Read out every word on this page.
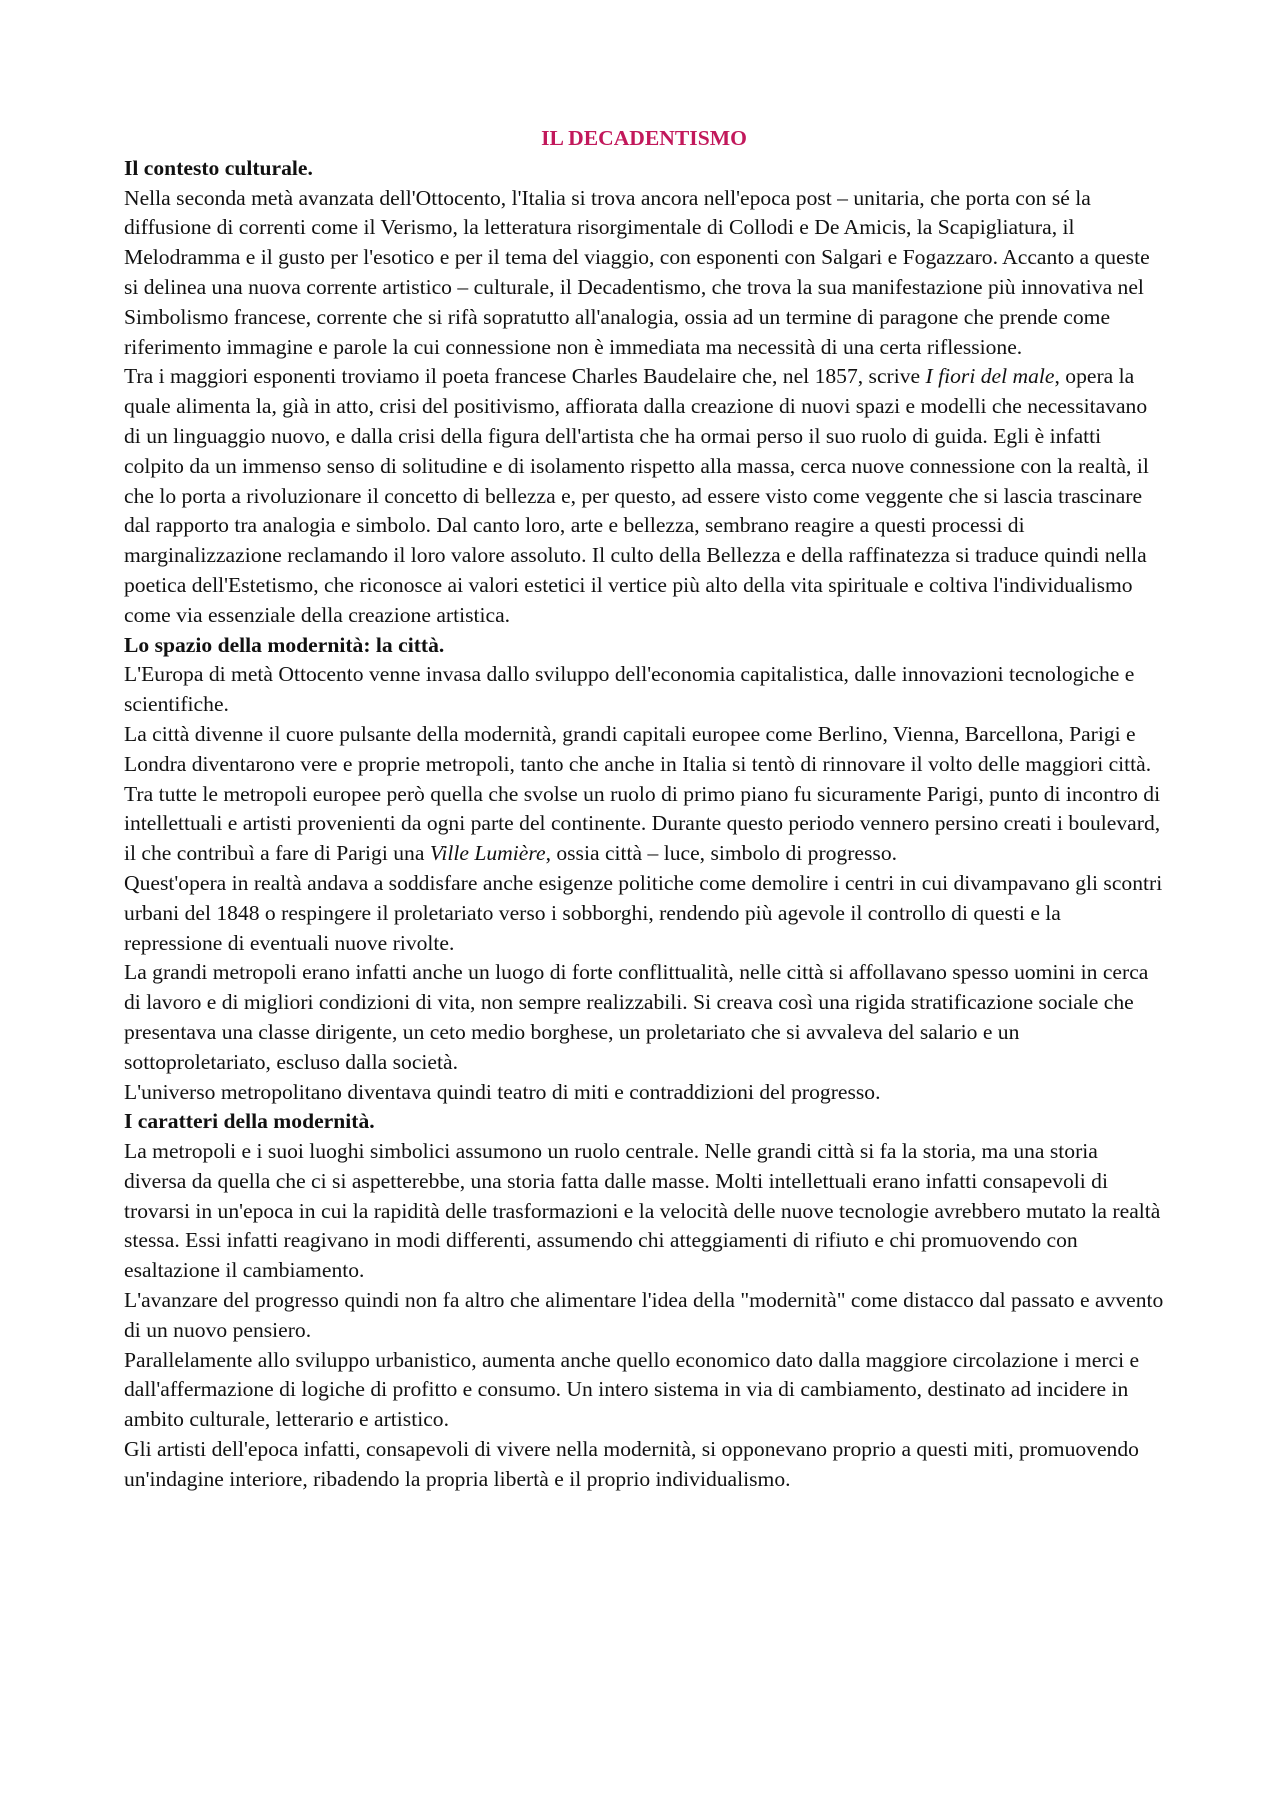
IL DECADENTISMO

Il contesto culturale.

Nella seconda metà avanzata dell'Ottocento, l'Italia si trova ancora nell'epoca post – unitaria, che porta con sé la diffusione di correnti come il Verismo, la letteratura risorgimentale di Collodi e De Amicis, la Scapigliatura, il Melodramma e il gusto per l'esotico e per il tema del viaggio, con esponenti con Salgari e Fogazzaro. Accanto a queste si delinea una nuova corrente artistico – culturale, il Decadentismo, che trova la sua manifestazione più innovativa nel Simbolismo francese, corrente che si rifà sopratutto all'analogia, ossia ad un termine di paragone che prende come riferimento immagine e parole la cui connessione non è immediata ma necessità di una certa riflessione.

Tra i maggiori esponenti troviamo il poeta francese Charles Baudelaire che, nel 1857, scrive I fiori del male, opera la quale alimenta la, già in atto, crisi del positivismo, affiorata dalla creazione di nuovi spazi e modelli che necessitavano di un linguaggio nuovo, e dalla crisi della figura dell'artista che ha ormai perso il suo ruolo di guida. Egli è infatti colpito da un immenso senso di solitudine e di isolamento rispetto alla massa, cerca nuove connessione con la realtà, il che lo porta a rivoluzionare il concetto di bellezza e, per questo, ad essere visto come veggente che si lascia trascinare dal rapporto tra analogia e simbolo. Dal canto loro, arte e bellezza, sembrano reagire a questi processi di marginalizzazione reclamando il loro valore assoluto. Il culto della Bellezza e della raffinatezza si traduce quindi nella poetica dell'Estetismo, che riconosce ai valori estetici il vertice più alto della vita spirituale e coltiva l'individualismo come via essenziale della creazione artistica.

Lo spazio della modernità: la città.

L'Europa di metà Ottocento venne invasa dallo sviluppo dell'economia capitalistica, dalle innovazioni tecnologiche e scientifiche.

La città divenne il cuore pulsante della modernità, grandi capitali europee come Berlino, Vienna, Barcellona, Parigi e Londra diventarono vere e proprie metropoli, tanto che anche in Italia si tentò di rinnovare il volto delle maggiori città.

Tra tutte le metropoli europee però quella che svolse un ruolo di primo piano fu sicuramente Parigi, punto di incontro di intellettuali e artisti provenienti da ogni parte del continente. Durante questo periodo vennero persino creati i boulevard, il che contribuì a fare di Parigi una Ville Lumière, ossia città – luce, simbolo di progresso.

Quest'opera in realtà andava a soddisfare anche esigenze politiche come demolire i centri in cui divampavano gli scontri urbani del 1848 o respingere il proletariato verso i sobborghi, rendendo più agevole il controllo di questi e la repressione di eventuali nuove rivolte.

La grandi metropoli erano infatti anche un luogo di forte conflittualità, nelle città si affollavano spesso uomini in cerca di lavoro e di migliori condizioni di vita, non sempre realizzabili. Si creava così una rigida stratificazione sociale che presentava una classe dirigente, un ceto medio borghese, un proletariato che si avvaleva del salario e un sottoproletariato, escluso dalla società.

L'universo metropolitano diventava quindi teatro di miti e contraddizioni del progresso.

I caratteri della modernità.

La metropoli e i suoi luoghi simbolici assumono un ruolo centrale. Nelle grandi città si fa la storia, ma una storia diversa da quella che ci si aspetterebbe, una storia fatta dalle masse. Molti intellettuali erano infatti consapevoli di trovarsi in un'epoca in cui la rapidità delle trasformazioni e la velocità delle nuove tecnologie avrebbero mutato la realtà stessa. Essi infatti reagivano in modi differenti, assumendo chi atteggiamenti di rifiuto e chi promuovendo con esaltazione il cambiamento.

L'avanzare del progresso quindi non fa altro che alimentare l'idea della "modernità" come distacco dal passato e avvento di un nuovo pensiero.

Parallelamente allo sviluppo urbanistico, aumenta anche quello economico dato dalla maggiore circolazione i merci e dall'affermazione di logiche di profitto e consumo. Un intero sistema in via di cambiamento, destinato ad incidere in ambito culturale, letterario e artistico.

Gli artisti dell'epoca infatti, consapevoli di vivere nella modernità, si opponevano proprio a questi miti, promuovendo un'indagine interiore, ribadendo la propria libertà e il proprio individualismo.
